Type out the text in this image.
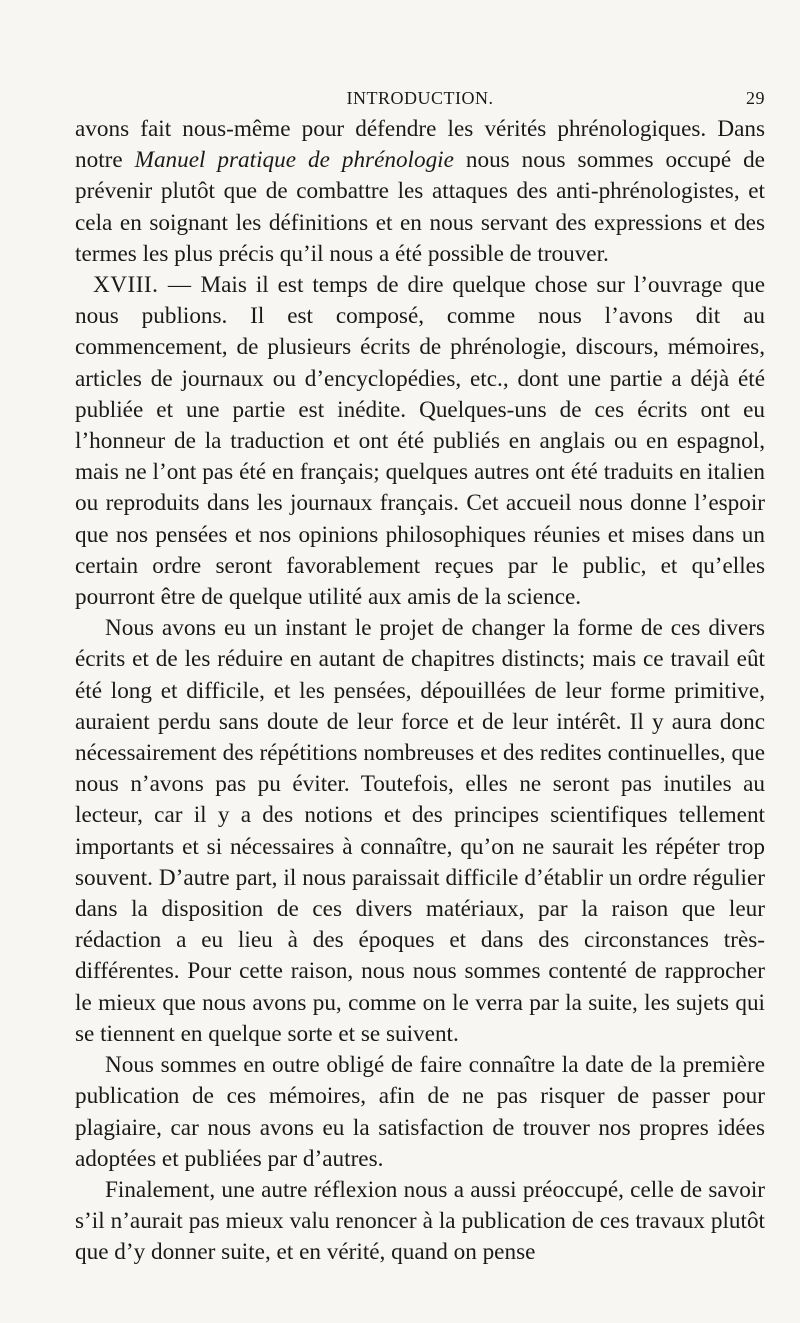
INTRODUCTION.	29

avons fait nous-même pour défendre les vérités phrénologiques. Dans notre Manuel pratique de phrénologie nous nous sommes occupé de prévenir plutôt que de combattre les attaques des anti-phrénologistes, et cela en soignant les définitions et en nous servant des expressions et des termes les plus précis qu’il nous a été possible de trouver.

XVIII. — Mais il est temps de dire quelque chose sur l’ouvrage que nous publions. Il est composé, comme nous l’avons dit au commencement, de plusieurs écrits de phrénologie, discours, mémoires, articles de journaux ou d’encyclopédies, etc., dont une partie a déjà été publiée et une partie est inédite. Quelques-uns de ces écrits ont eu l’honneur de la traduction et ont été publiés en anglais ou en espagnol, mais ne l’ont pas été en français; quelques autres ont été traduits en italien ou reproduits dans les journaux français. Cet accueil nous donne l’espoir que nos pensées et nos opinions philosophiques réunies et mises dans un certain ordre seront favorablement reçues par le public, et qu’elles pourront être de quelque utilité aux amis de la science.

Nous avons eu un instant le projet de changer la forme de ces divers écrits et de les réduire en autant de chapitres distincts; mais ce travail eût été long et difficile, et les pensées, dépouillées de leur forme primitive, auraient perdu sans doute de leur force et de leur intérêt. Il y aura donc nécessairement des répétitions nombreuses et des redites continuelles, que nous n’avons pas pu éviter. Toutefois, elles ne seront pas inutiles au lecteur, car il y a des notions et des principes scientifiques tellement importants et si nécessaires à connaître, qu’on ne saurait les répéter trop souvent. D’autre part, il nous paraissait difficile d’établir un ordre régulier dans la disposition de ces divers matériaux, par la raison que leur rédaction a eu lieu à des époques et dans des circonstances très-différentes. Pour cette raison, nous nous sommes contenté de rapprocher le mieux que nous avons pu, comme on le verra par la suite, les sujets qui se tiennent en quelque sorte et se suivent.

Nous sommes en outre obligé de faire connaître la date de la première publication de ces mémoires, afin de ne pas risquer de passer pour plagiaire, car nous avons eu la satisfaction de trouver nos propres idées adoptées et publiées par d’autres.

Finalement, une autre réflexion nous a aussi préoccupé, celle de savoir s’il n’aurait pas mieux valu renoncer à la publication de ces travaux plutôt que d’y donner suite, et en vérité, quand on pense
